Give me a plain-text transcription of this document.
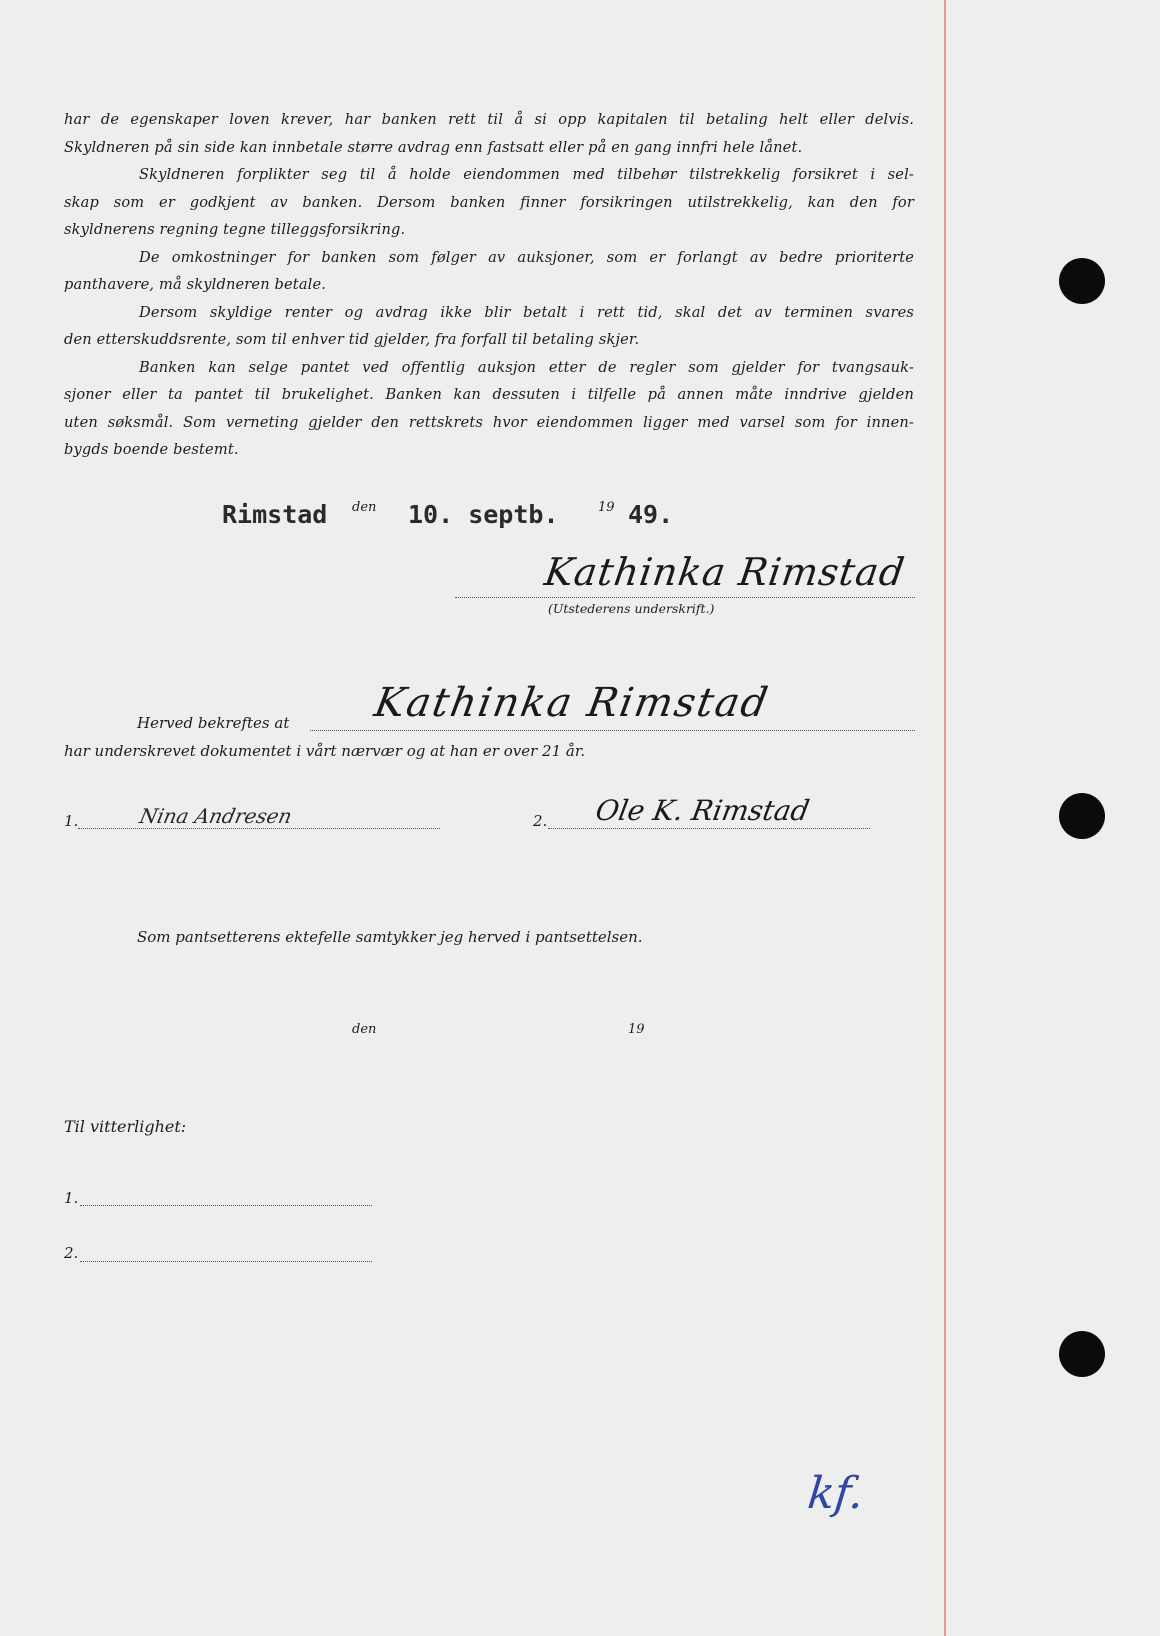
har de egenskaper loven krever, har banken rett til å si opp kapitalen til betaling helt eller delvis.
Skyldneren på sin side kan innbetale større avdrag enn fastsatt eller på en gang innfri hele lånet.
Skyldneren forplikter seg til å holde eiendommen med tilbehør tilstrekkelig forsikret i sel-
skap som er godkjent av banken. Dersom banken finner forsikringen utilstrekkelig, kan den for
skyldnerens regning tegne tilleggsforsikring.
De omkostninger for banken som følger av auksjoner, som er forlangt av bedre prioriterte
panthavere, må skyldneren betale.
Dersom skyldige renter og avdrag ikke blir betalt i rett tid, skal det av terminen svares
den etterskuddsrente, som til enhver tid gjelder, fra forfall til betaling skjer.
Banken kan selge pantet ved offentlig auksjon etter de regler som gjelder for tvangsauk-
sjoner eller ta pantet til brukelighet. Banken kan dessuten i tilfelle på annen måte inndrive gjelden
uten søksmål. Som verneting gjelder den rettskrets hvor eiendommen ligger med varsel som for innen-
bygds boende bestemt.
Rimstad den 10. septb.	19 49.
Kathinka Rimstad
(Utstederens underskrift.)
Herved bekreftes at Kathinka Rimstad
har underskrevet dokumentet i vårt nærvær og at han er over 21 år.
1.	Nina Andresen	2. Ole K. Rimstad
Som pantsetterens ektefelle samtykker jeg herved i pantsettelsen.
den	19
Til vitterlighet:
1.
2.
kf.
